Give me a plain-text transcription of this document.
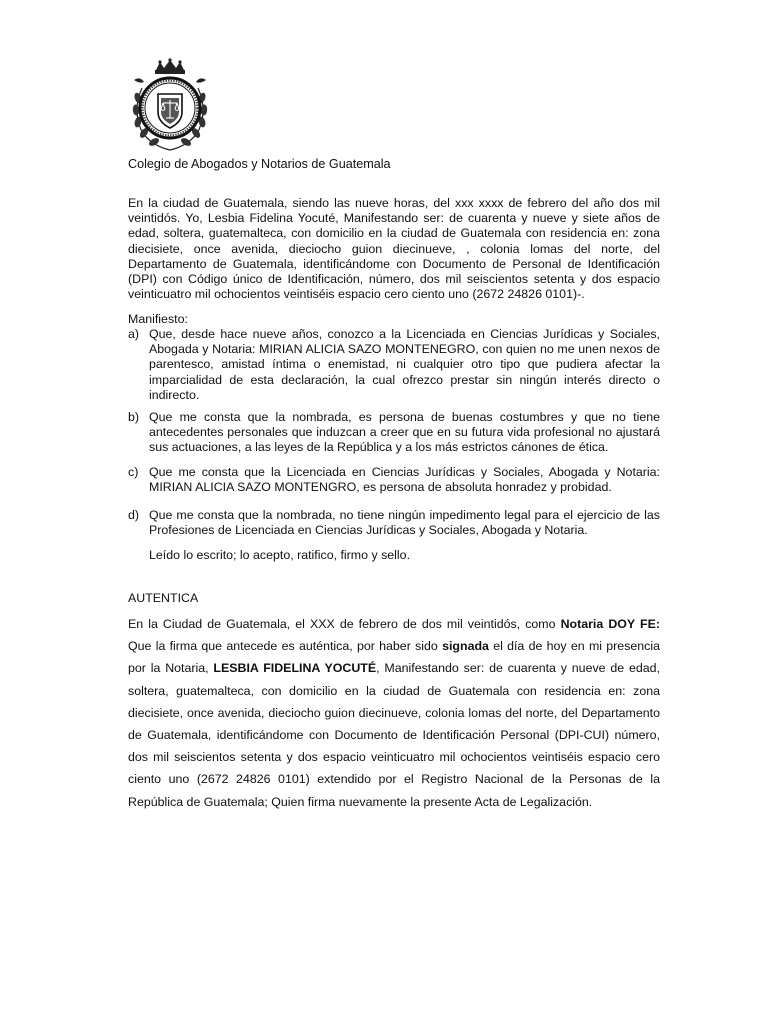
Colegio de Abogados y Notarios de Guatemala

En la ciudad de Guatemala, siendo las nueve horas, del xxx xxxx de febrero del año dos mil veintidós. Yo, Lesbia Fidelina Yocuté, Manifestando ser: de cuarenta y nueve y siete años de edad, soltera, guatemalteca, con domicilio en la ciudad de Guatemala con residencia en: zona diecisiete, once avenida, dieciocho guion diecinueve, , colonia lomas del norte, del Departamento de Guatemala, identificándome con Documento de Personal de Identificación (DPI) con Código único de Identificación, número, dos mil seiscientos setenta y dos espacio veinticuatro mil ochocientos veintiséis espacio cero ciento uno (2672 24826 0101)-.

Manifiesto:
a) Que, desde hace nueve años, conozco a la Licenciada en Ciencias Jurídicas y Sociales, Abogada y Notaria: MIRIAN ALICIA SAZO MONTENEGRO, con quien no me unen nexos de parentesco, amistad íntima o enemistad, ni cualquier otro tipo que pudiera afectar la imparcialidad de esta declaración, la cual ofrezco prestar sin ningún interés directo o indirecto.
b) Que me consta que la nombrada, es persona de buenas costumbres y que no tiene antecedentes personales que induzcan a creer que en su futura vida profesional no ajustará sus actuaciones, a las leyes de la República y a los más estrictos cánones de ética.
c) Que me consta que la Licenciada en Ciencias Jurídicas y Sociales, Abogada y Notaria: MIRIAN ALICIA SAZO MONTENGRO, es persona de absoluta honradez y probidad.
d) Que me consta que la nombrada, no tiene ningún impedimento legal para el ejercicio de las Profesiones de Licenciada en Ciencias Jurídicas y Sociales, Abogada y Notaria.
Leído lo escrito; lo acepto, ratifico, firmo y sello.
AUTENTICA

En la Ciudad de Guatemala, el XXX de febrero de dos mil veintidós, como Notaria DOY FE: Que la firma que antecede es auténtica, por haber sido signada el día de hoy en mi presencia por la Notaria, LESBIA FIDELINA YOCUTÉ, Manifestando ser: de cuarenta y nueve de edad, soltera, guatemalteca, con domicilio en la ciudad de Guatemala con residencia en: zona diecisiete, once avenida, dieciocho guion diecinueve, colonia lomas del norte, del Departamento de Guatemala, identificándome con Documento de Identificación Personal (DPI-CUI) número, dos mil seiscientos setenta y dos espacio veinticuatro mil ochocientos veintiséis espacio cero ciento uno (2672 24826 0101) extendido por el Registro Nacional de la Personas de la República de Guatemala; Quien firma nuevamente la presente Acta de Legalización.
